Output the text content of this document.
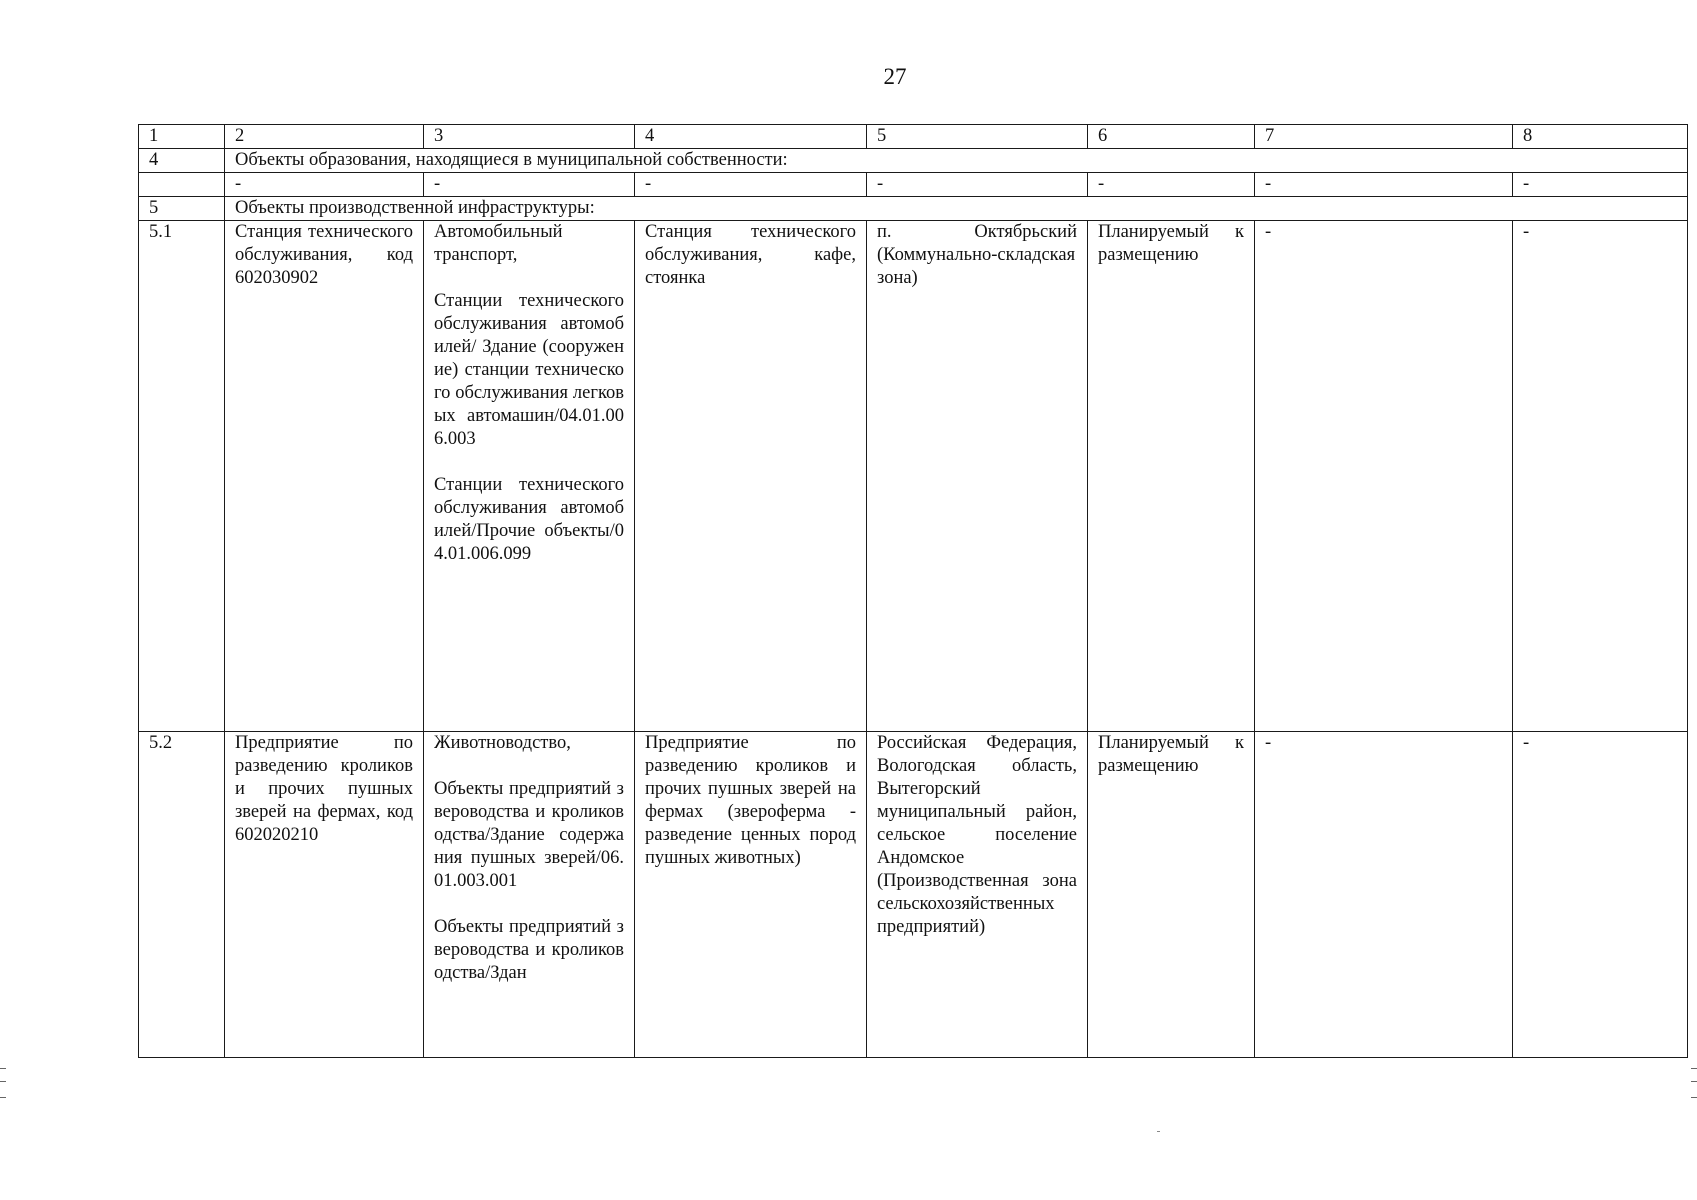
27
1	2	3	4	5	6	7	8
4	Объекты образования, находящиеся в муниципальной собственности:						
	-	-	-	-	-	-	-
5	Объекты производственной инфраструктуры:						
5.1	Станция технического обслуживания, код 602030902	Автомобильный транспорт,
Станции технического обслуживания автомобилей/ Здание (сооружение) станции технического обслуживания легковых автомашин/04.01.006.003
Станции технического обслуживания автомобилей/Прочие объекты/04.01.006.099	Станция технического обслуживания, кафе, стоянка	п. Октябрьский (Коммунально-складская зона)	Планируемый к размещению	-	-
5.2	Предприятие по разведению кроликов и прочих пушных зверей на фермах, код 602020210	Животноводство,
Объекты предприятий звероводства и кролиководства/Здание содержания пушных зверей/06.01.003.001
Объекты предприятий звероводства и кролиководства/Здан	Предприятие по разведению кроликов и прочих пушных зверей на фермах (звероферма - разведение ценных пород пушных животных)	Российская Федерация, Вологодская область, Вытегорский муниципальный район, сельское поселение Андомское (Производственная зона сельскохозяйственных предприятий)	Планируемый к размещению	-	-
